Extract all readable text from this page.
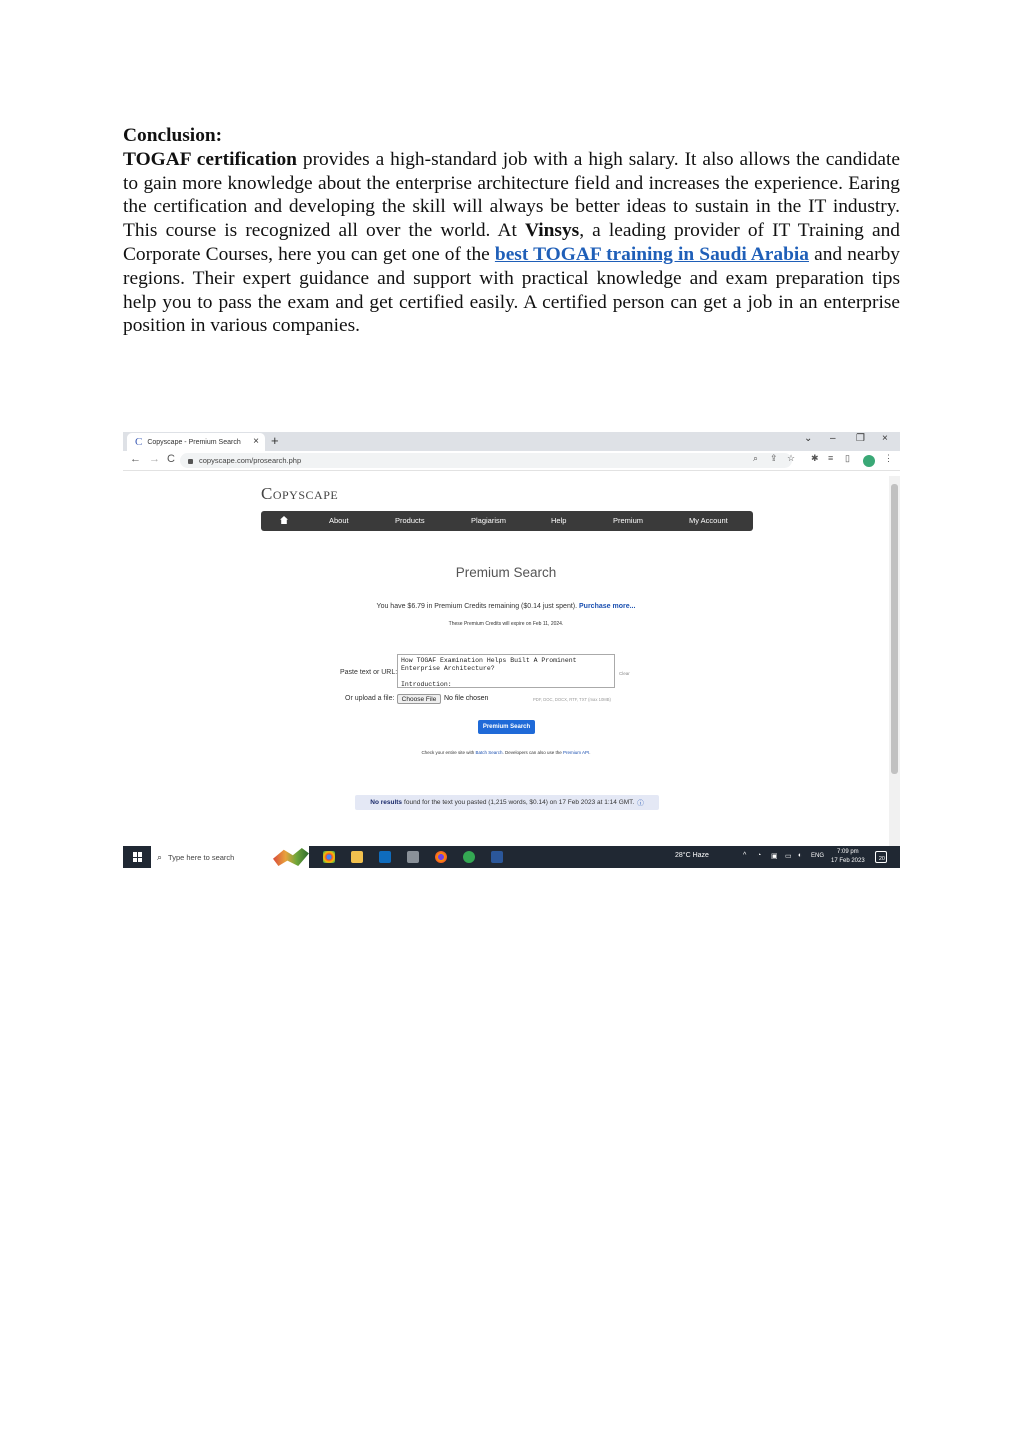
Conclusion:

TOGAF certification provides a high-standard job with a high salary. It also allows the candidate to gain more knowledge about the enterprise architecture field and increases the experience. Earing the certification and developing the skill will always be better ideas to sustain in the IT industry. This course is recognized all over the world. At Vinsys, a leading provider of IT Training and Corporate Courses, here you can get one of the best TOGAF training in Saudi Arabia and nearby regions. Their expert guidance and support with practical knowledge and exam preparation tips help you to pass the exam and get certified easily. A certified person can get a job in an enterprise position in various companies.

C Copyscape - Premium Search × +	⌄ – ❐ ×
← → C	copyscape.com/prosearch.php	⌕ ⇪ ☆ ✱ ≡ ▯	⋮
Copyscape
About	Products	Plagiarism	Help	Premium	My Account
Premium Search
You have $6.79 in Premium Credits remaining ($0.14 just spent). Purchase more...
These Premium Credits will expire on Feb 11, 2024.
Paste text or URL:
How TOGAF Examination Helps Built A Prominent
Enterprise Architecture?

Introduction:
Clear
Or upload a file:	Choose File	No file chosen	PDF, DOC, DOCX, RTF, TXT (max 10MB)
Premium Search
Check your entire site with Batch Search. Developers can also use the Premium API.
No results found for the text you pasted (1,215 words, $0.14) on 17 Feb 2023 at 1:14 GMT. ⓘ
⌕ Type here to search	28°C Haze	^ ◔ ▣ ▭ ◐ ENG
7:09 pm
17 Feb 2023	20
